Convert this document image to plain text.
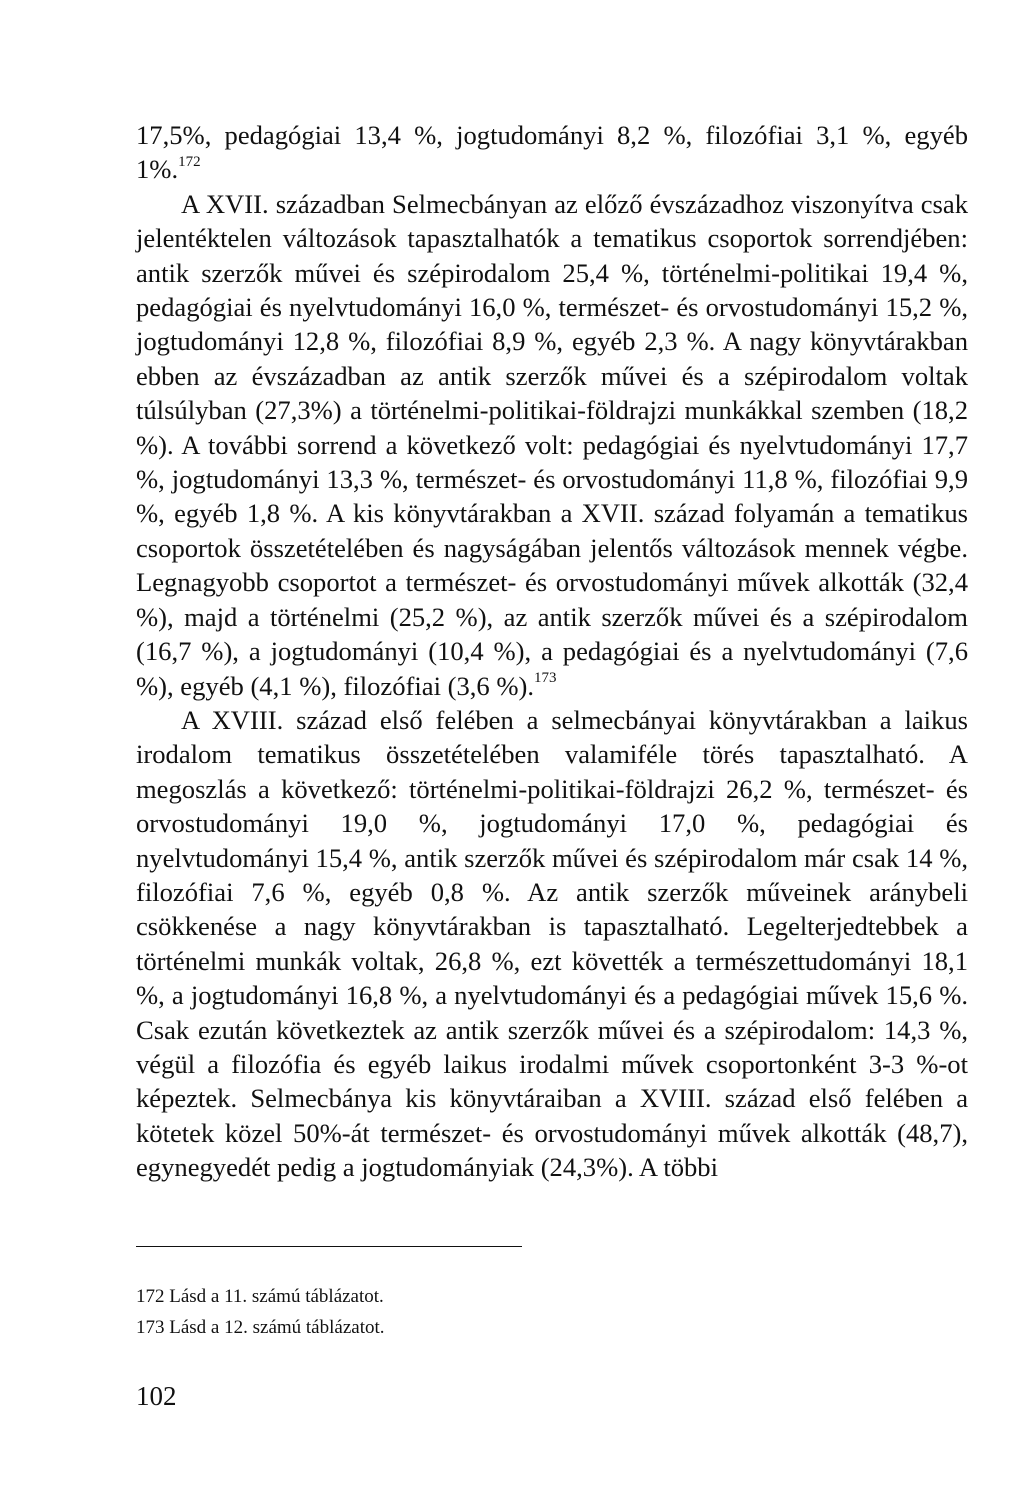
17,5%, pedagógiai 13,4 %, jogtudományi 8,2 %, filozófiai 3,1 %, egyéb 1%.$^{172}$

A XVII. században Selmecbányan az előző évszázadhoz viszonyítva csak jelentéktelen változások tapasztalhatók a tematikus csoportok sorrendjében: antik szerzők művei és szépirodalom 25,4 %, történelmi-politikai 19,4 %, pedagógiai és nyelvtudományi 16,0 %, természet- és orvostudományi 15,2 %, jogtudományi 12,8 %, filozófiai 8,9 %, egyéb 2,3 %. A nagy könyvtárakban ebben az évszázadban az antik szerzők művei és a szépirodalom voltak túlsúlyban (27,3%) a történelmi-politikai-földrajzi munkákkal szemben (18,2 %). A további sorrend a következő volt: pedagógiai és nyelvtudományi 17,7 %, jogtudományi 13,3 %, természet- és orvostudományi 11,8 %, filozófiai 9,9 %, egyéb 1,8 %. A kis könyvtárakban a XVII. század folyamán a tematikus csoportok összetételében és nagyságában jelentős változások mennek végbe. Legnagyobb csoportot a természet- és orvostudományi művek alkották (32,4 %), majd a történelmi (25,2 %), az antik szerzők művei és a szépirodalom (16,7 %), a jogtudományi (10,4 %), a pedagógiai és a nyelvtudományi (7,6 %), egyéb (4,1 %), filozófiai (3,6 %).$^{173}$

A XVIII. század első felében a selmecbányai könyvtárakban a laikus irodalom tematikus összetételében valamiféle törés tapasztalható. A megoszlás a következő: történelmi-politikai-földrajzi 26,2 %, természet- és orvostudományi 19,0 %, jogtudományi 17,0 %, pedagógiai és nyelvtudományi 15,4 %, antik szerzők művei és szépirodalom már csak 14 %, filozófiai 7,6 %, egyéb 0,8 %. Az antik szerzők műveinek aránybeli csökkenése a nagy könyvtárakban is tapasztalható. Legelterjedtebbek a történelmi munkák voltak, 26,8 %, ezt követték a természettudományi 18,1 %, a jogtudományi 16,8 %, a nyelvtudományi és a pedagógiai művek 15,6 %. Csak ezután következtek az antik szerzők művei és a szépirodalom: 14,3 %, végül a filozófia és egyéb laikus irodalmi művek csoportonként 3-3 %-ot képeztek. Selmecbánya kis könyvtáraiban a XVIII. század első felében a kötetek közel 50%-át természet- és orvostudományi művek alkották (48,7), egynegyedét pedig a jogtudományiak (24,3%). A többi

172 Lásd a 11. számú táblázatot.
173 Lásd a 12. számú táblázatot.
102
